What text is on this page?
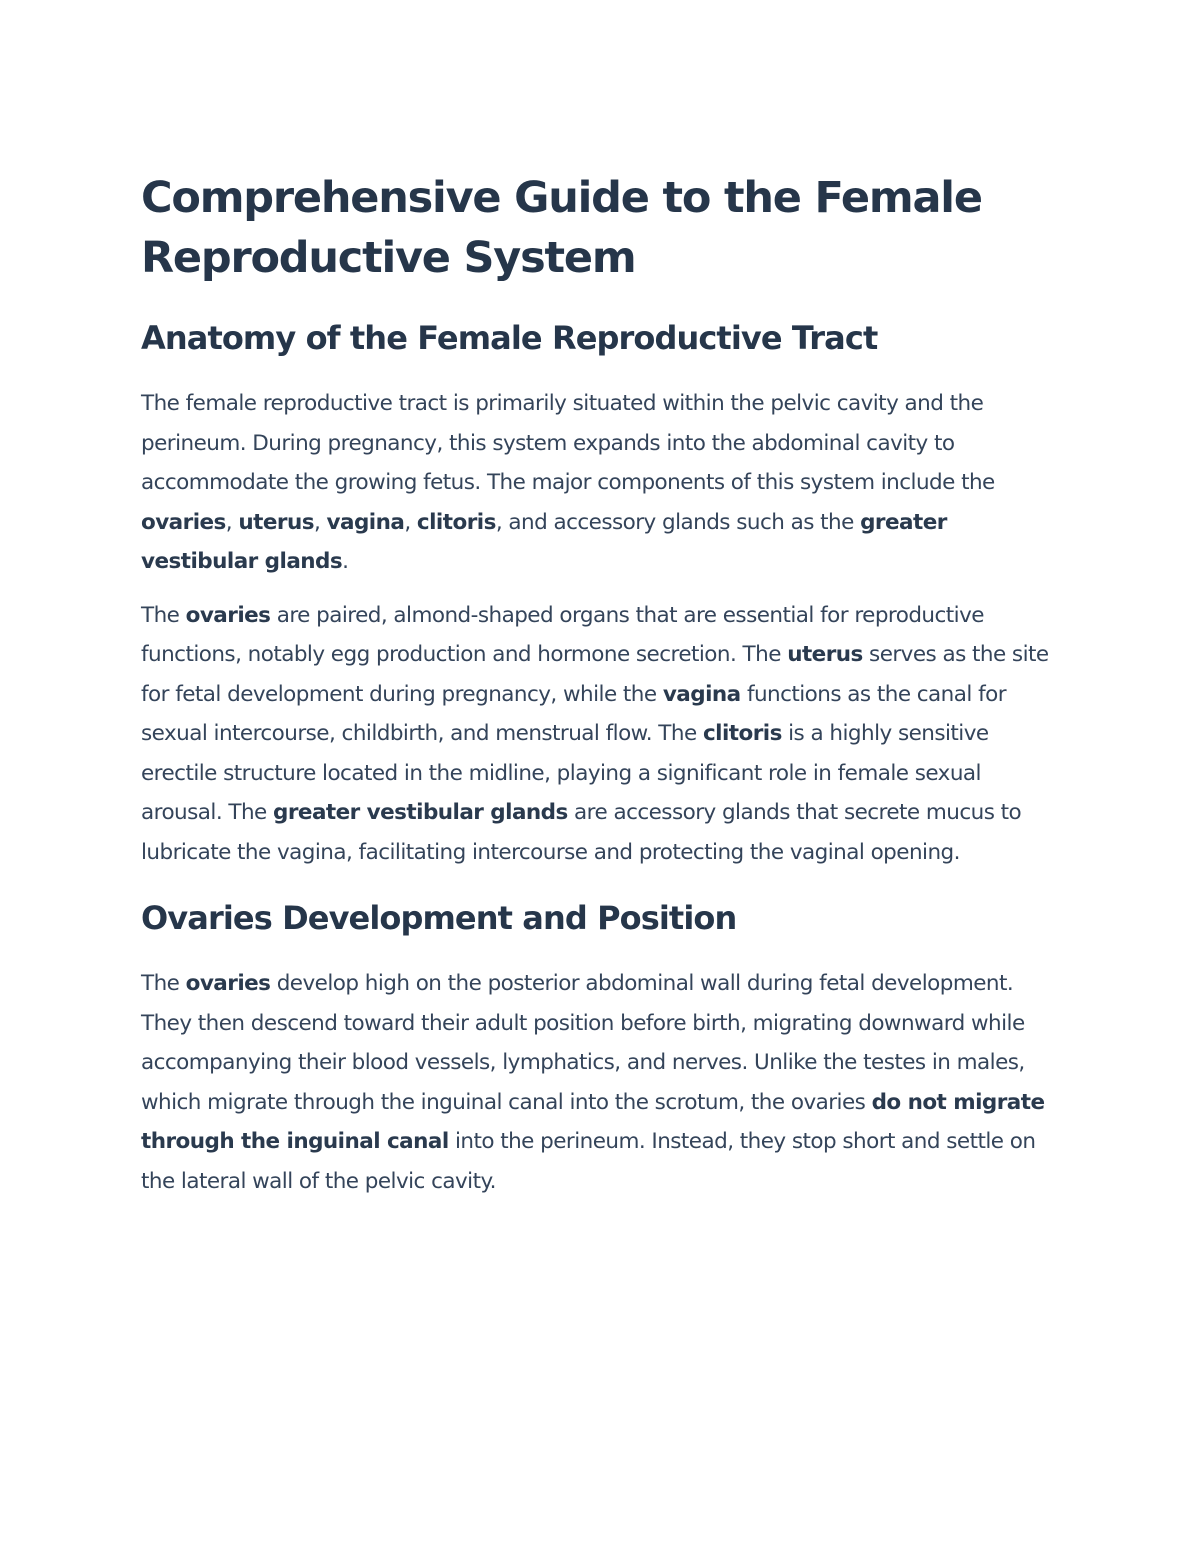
Comprehensive Guide to the Female Reproductive System
Anatomy of the Female Reproductive Tract

The female reproductive tract is primarily situated within the pelvic cavity and the perineum. During pregnancy, this system expands into the abdominal cavity to accommodate the growing fetus. The major components of this system include the ovaries, uterus, vagina, clitoris, and accessory glands such as the greater vestibular glands.

The ovaries are paired, almond-shaped organs that are essential for reproductive functions, notably egg production and hormone secretion. The uterus serves as the site for fetal development during pregnancy, while the vagina functions as the canal for sexual intercourse, childbirth, and menstrual flow. The clitoris is a highly sensitive erectile structure located in the midline, playing a significant role in female sexual arousal. The greater vestibular glands are accessory glands that secrete mucus to lubricate the vagina, facilitating intercourse and protecting the vaginal opening.

Ovaries Development and Position

The ovaries develop high on the posterior abdominal wall during fetal development. They then descend toward their adult position before birth, migrating downward while accompanying their blood vessels, lymphatics, and nerves. Unlike the testes in males, which migrate through the inguinal canal into the scrotum, the ovaries do not migrate through the inguinal canal into the perineum. Instead, they stop short and settle on the lateral wall of the pelvic cavity.
